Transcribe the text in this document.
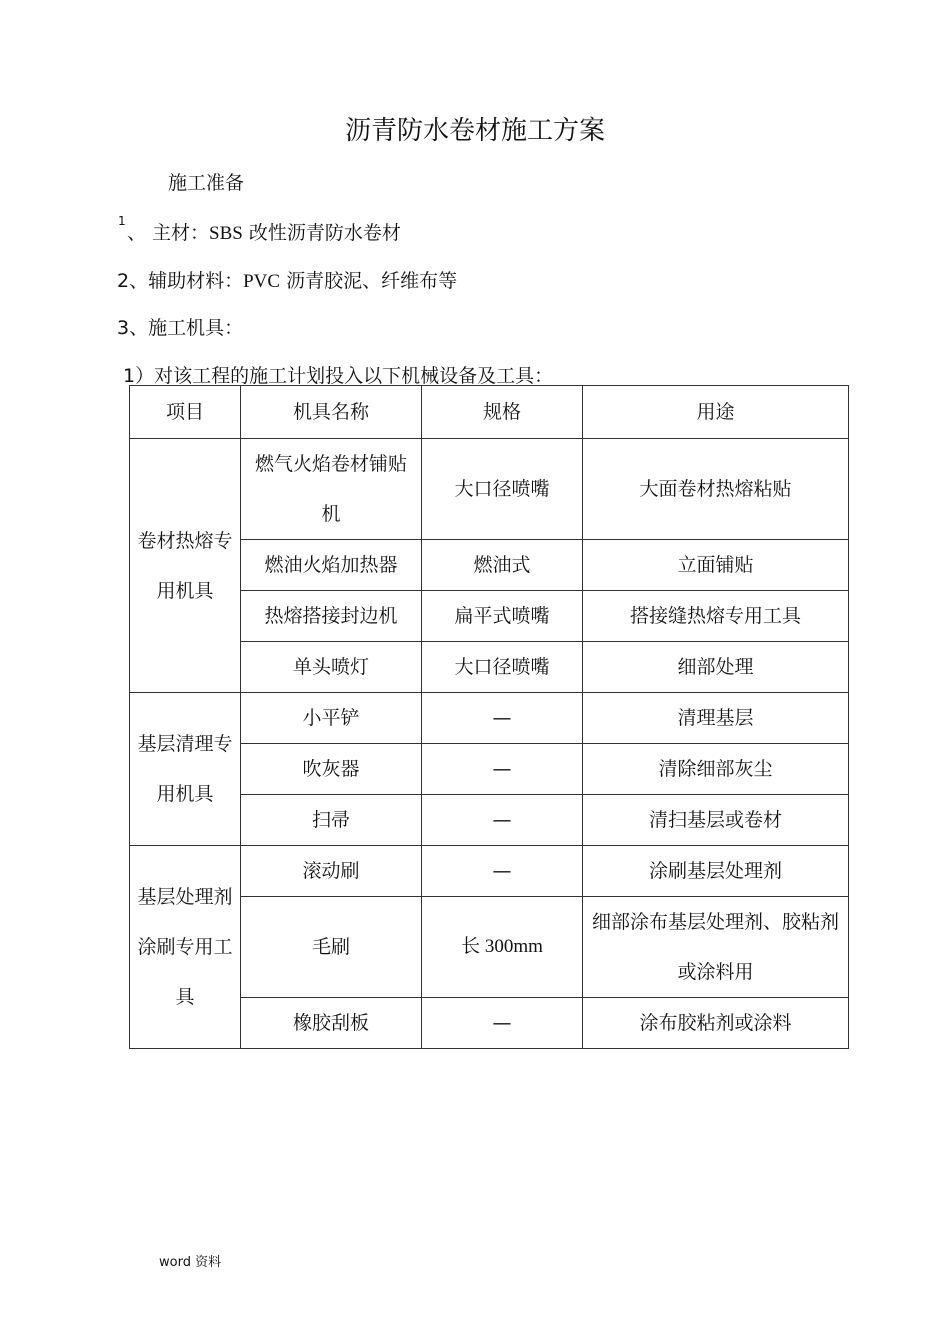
沥青防水卷材施工方案
施工准备
1
、 主材：SBS 改性沥青防水卷材
2、辅助材料：PVC 沥青胶泥、纤维布等
3、施工机具：
1）对该工程的施工计划投入以下机械设备及工具：
项目	机具名称	规格	用途
卷材热熔专用机具	燃气火焰卷材铺贴机	大口径喷嘴	大面卷材热熔粘贴
	燃油火焰加热器	燃油式	立面铺贴
	热熔搭接封边机	扁平式喷嘴	搭接缝热熔专用工具
	单头喷灯	大口径喷嘴	细部处理
基层清理专用机具	小平铲	—	清理基层
	吹灰器	—	清除细部灰尘
	扫帚	—	清扫基层或卷材
基层处理剂涂刷专用工具	滚动刷	—	涂刷基层处理剂
	毛刷	长 300mm	细部涂布基层处理剂、胶粘剂或涂料用
	橡胶刮板	—	涂布胶粘剂或涂料
word 资料
